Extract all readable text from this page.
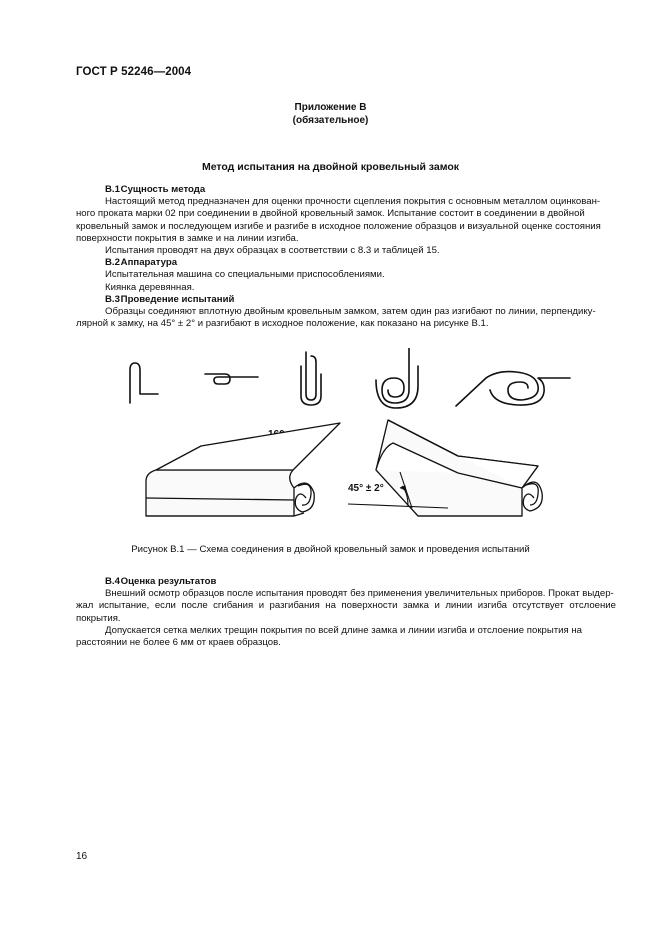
ГОСТ Р 52246—2004
Приложение В
(обязательное)
Метод испытания на двойной кровельный замок
В.1 Сущность метода
Настоящий метод предназначен для оценки прочности сцепления покрытия с основным металлом оцинкован-
ного проката марки 02 при соединении в двойной кровельный замок. Испытание состоит в соединении в двойной
кровельный замок и последующем изгибе и разгибе в исходное положение образцов и визуальной оценке состояния
поверхности покрытия в замке и на линии изгиба.
Испытания проводят на двух образцах в соответствии с 8.3 и таблицей 15.
В.2 Аппаратура
Испытательная машина со специальными приспособлениями.
Киянка деревянная.
В.3 Проведение испытаний
Образцы соединяют вплотную двойным кровельным замком, затем один раз изгибают по линии, перпендику-
лярной к замку, на 45° ± 2° и разгибают в исходное положение, как показано на рисунке В.1.
45° ± 2°
Рисунок В.1 — Схема соединения в двойной кровельный замок и проведения испытаний
В.4 Оценка результатов
Внешний осмотр образцов после испытания проводят без применения увеличительных приборов. Прокат выдер-
жал испытание, если после сгибания и разгибания на поверхности замка и линии изгиба отсутствует отслоение покрытия.
Допускается сетка мелких трещин покрытия по всей длине замка и линии изгиба и отслоение покрытия на
расстоянии не более 6 мм от краев образцов.
16
